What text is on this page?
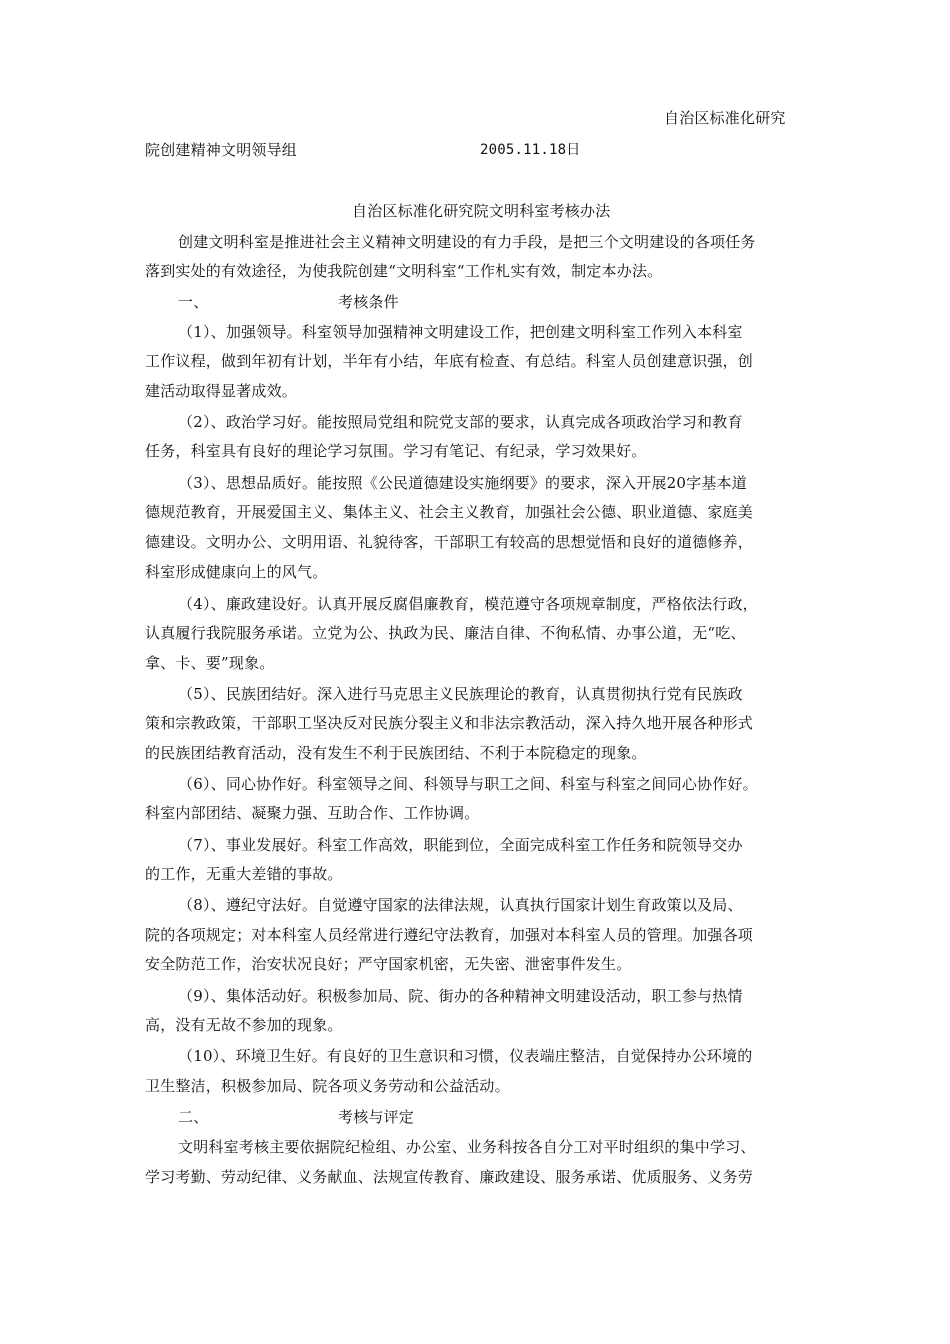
自治区标准化研究
院创建精神文明领导组	2005.11.18日
自治区标准化研究院文明科室考核办法
创建文明科室是推进社会主义精神文明建设的有力手段，是把三个文明建设的各项任务
落到实处的有效途径，为使我院创建“文明科室“工作札实有效，制定本办法。
一、	考核条件
（1）、加强领导。科室领导加强精神文明建设工作，把创建文明科室工作列入本科室
工作议程，做到年初有计划，半年有小结，年底有检查、有总结。科室人员创建意识强，创
建活动取得显著成效。
（2）、政治学习好。能按照局党组和院党支部的要求，认真完成各项政治学习和教育
任务，科室具有良好的理论学习氛围。学习有笔记、有纪录，学习效果好。
（3）、思想品质好。能按照《公民道德建设实施纲要》的要求，深入开展20字基本道
德规范教育，开展爱国主义、集体主义、社会主义教育，加强社会公德、职业道德、家庭美
德建设。文明办公、文明用语、礼貌待客，干部职工有较高的思想觉悟和良好的道德修养，
科室形成健康向上的风气。
（4）、廉政建设好。认真开展反腐倡廉教育，模范遵守各项规章制度，严格依法行政，
认真履行我院服务承诺。立党为公、执政为民、廉洁自律、不徇私情、办事公道，无“吃、
拿、卡、要”现象。
（5）、民族团结好。深入进行马克思主义民族理论的教育，认真贯彻执行党有民族政
策和宗教政策，干部职工坚决反对民族分裂主义和非法宗教活动，深入持久地开展各种形式
的民族团结教育活动，没有发生不利于民族团结、不利于本院稳定的现象。
（6）、同心协作好。科室领导之间、科领导与职工之间、科室与科室之间同心协作好。
科室内部团结、凝聚力强、互助合作、工作协调。
（7）、事业发展好。科室工作高效，职能到位，全面完成科室工作任务和院领导交办
的工作，无重大差错的事故。
（8）、遵纪守法好。自觉遵守国家的法律法规，认真执行国家计划生育政策以及局、
院的各项规定；对本科室人员经常进行遵纪守法教育，加强对本科室人员的管理。加强各项
安全防范工作，治安状况良好；严守国家机密，无失密、泄密事件发生。
（9）、集体活动好。积极参加局、院、街办的各种精神文明建设活动，职工参与热情
高，没有无故不参加的现象。
（10）、环境卫生好。有良好的卫生意识和习惯，仪表端庄整洁，自觉保持办公环境的
卫生整洁，积极参加局、院各项义务劳动和公益活动。
二、	考核与评定
文明科室考核主要依据院纪检组、办公室、业务科按各自分工对平时组织的集中学习、
学习考勤、劳动纪律、义务献血、法规宣传教育、廉政建设、服务承诺、优质服务、义务劳
